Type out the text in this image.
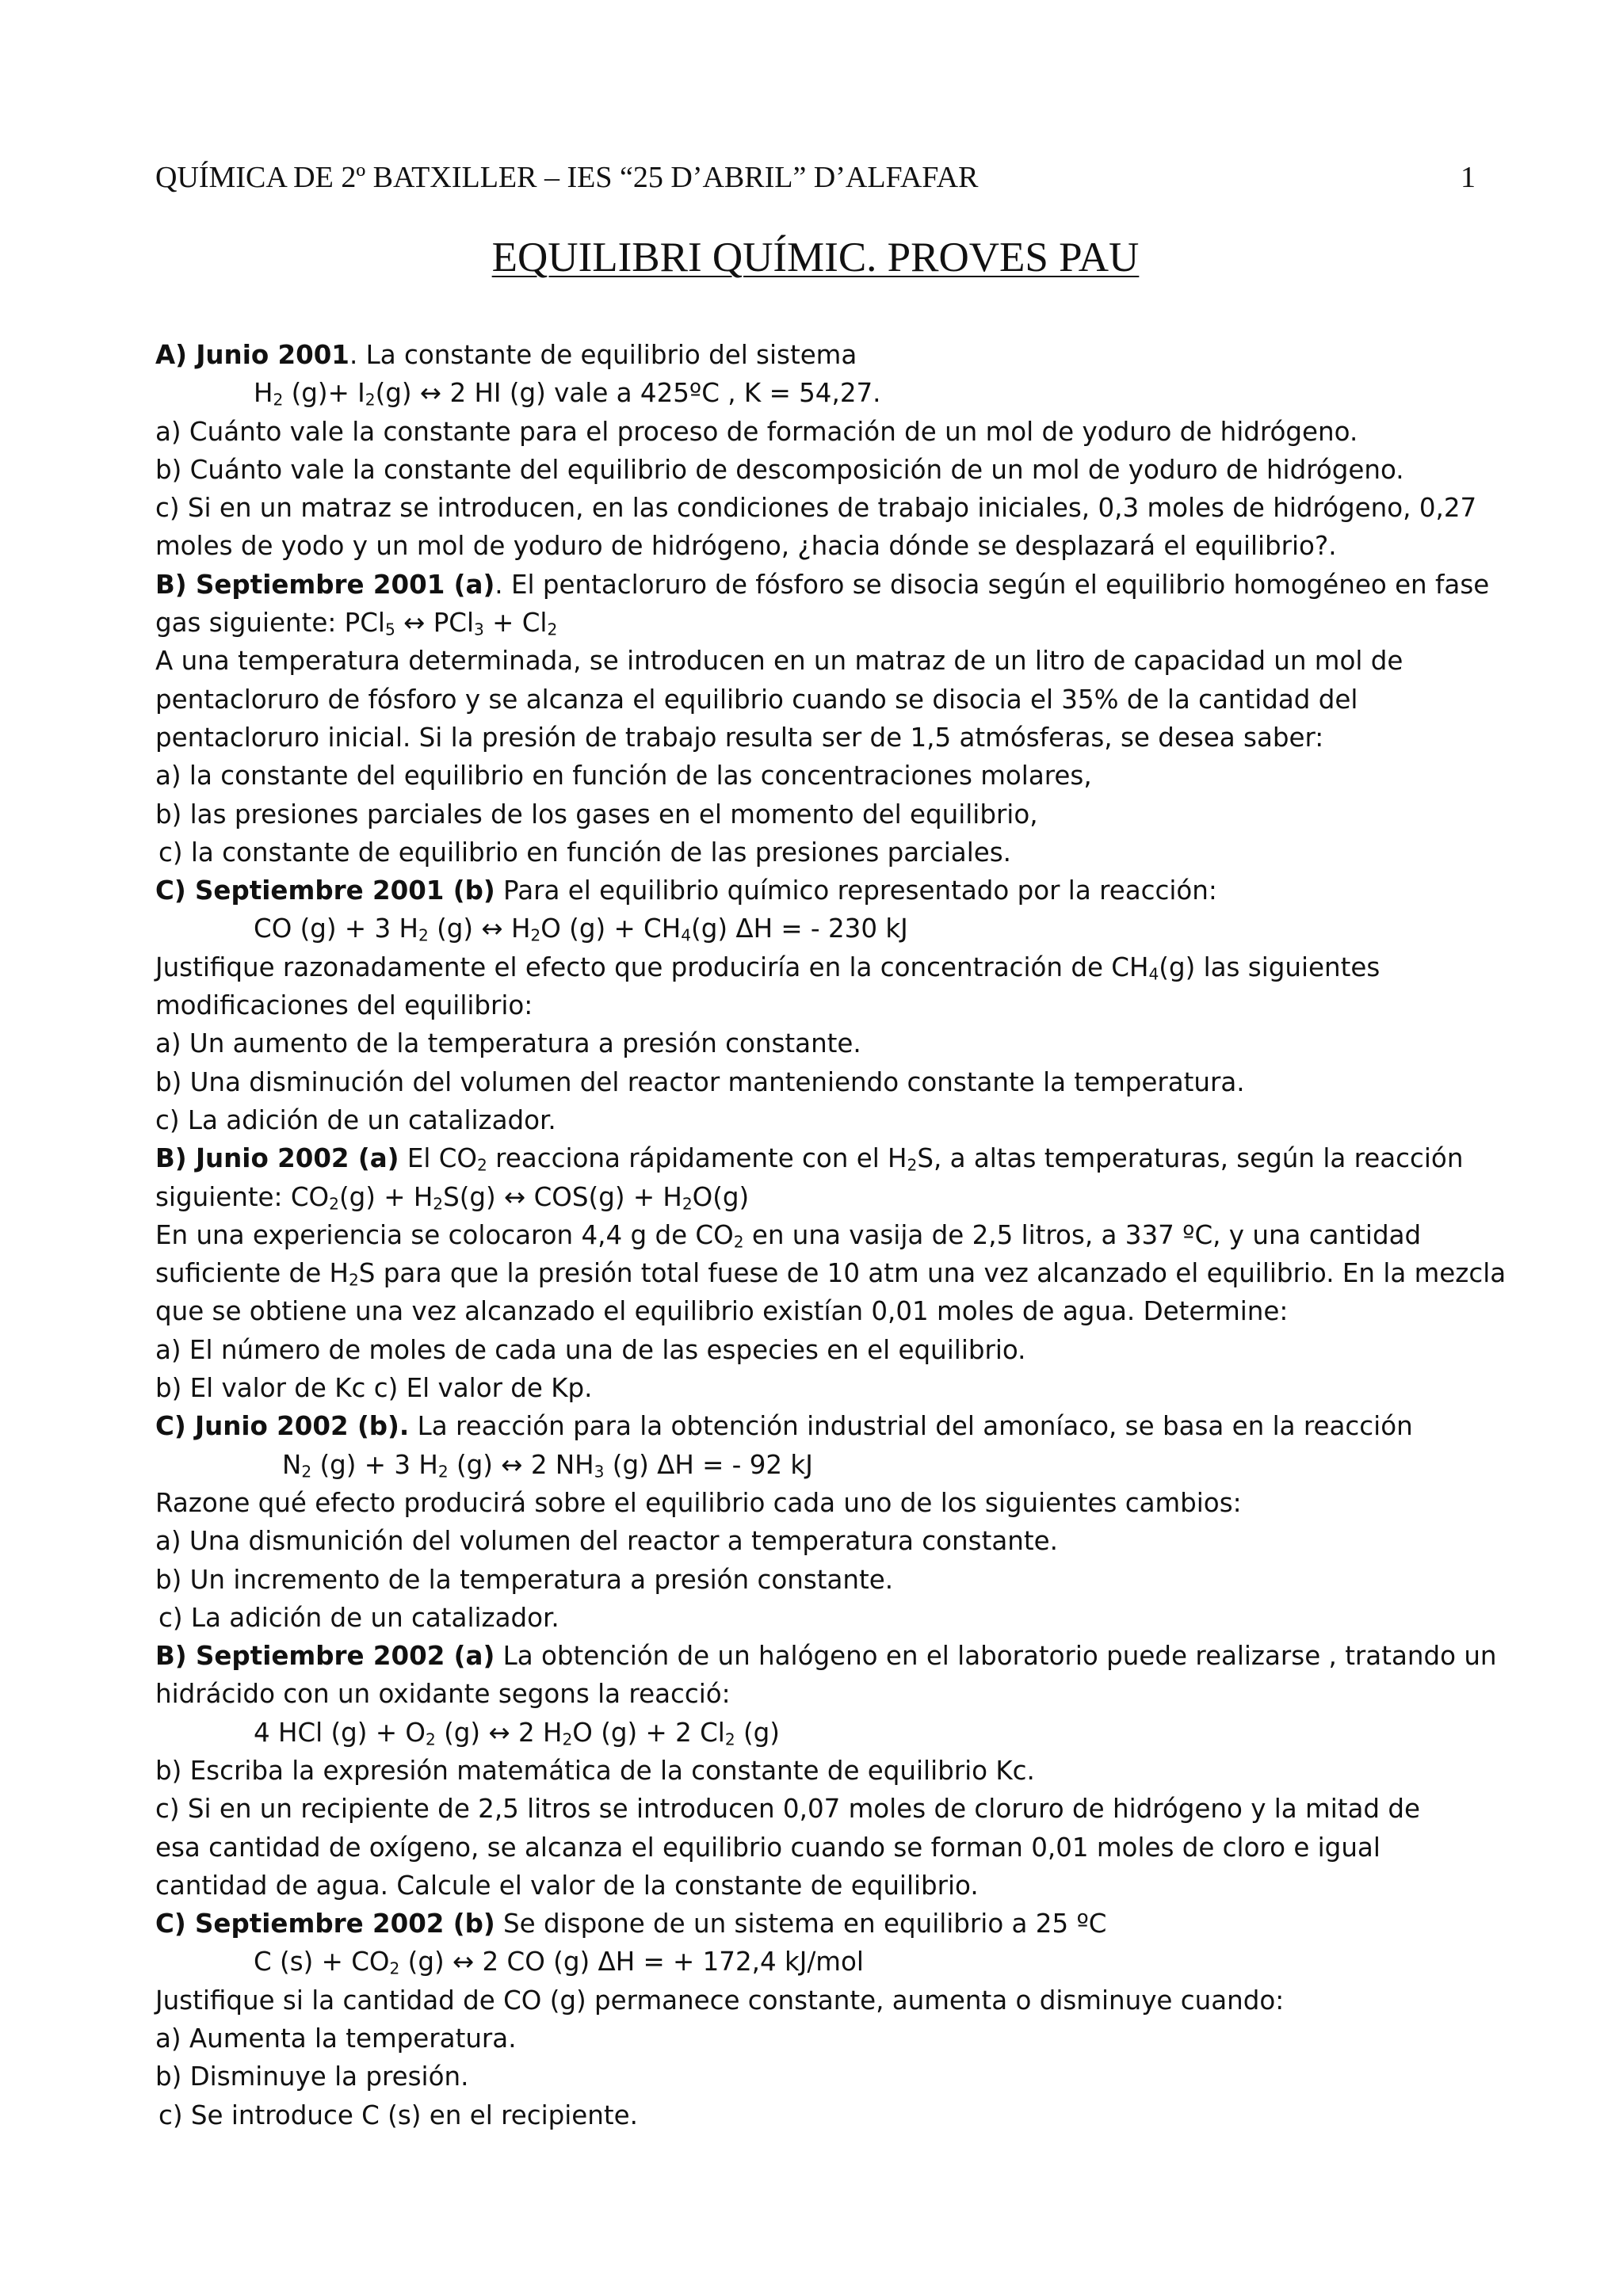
QUÍMICA DE 2º BATXILLER – IES “25 D’ABRIL” D’ALFAFAR	1
EQUILIBRI QUÍMIC. PROVES PAU

A) Junio 2001. La constante de equilibrio del sistema

$H_2$ $(g)+ I_2(g)$ ↔ 2 HI (g) vale a 425ºC , K = 54,27.

a) Cuánto vale la constante para el proceso de formación de un mol de yoduro de hidrógeno.

b) Cuánto vale la constante del equilibrio de descomposición de un mol de yoduro de hidrógeno.

c) Si en un matraz se introducen, en las condiciones de trabajo iniciales, 0,3 moles de hidrógeno, 0,27

moles de yodo y un mol de yoduro de hidrógeno, ¿hacia dónde se desplazará el equilibrio?.

B) Septiembre 2001 (a). El pentacloruro de fósforo se disocia según el equilibrio homogéneo en fase

gas siguiente: PCl$_5$ ↔ $PCl_3 + Cl_2$

A una temperatura determinada, se introducen en un matraz de un litro de capacidad un mol de

pentacloruro de fósforo y se alcanza el equilibrio cuando se disocia el 35% de la cantidad del

pentacloruro inicial. Si la presión de trabajo resulta ser de 1,5 atmósferas, se desea saber:

a) la constante del equilibrio en función de las concentraciones molares,

b) las presiones parciales de los gases en el momento del equilibrio,

c) la constante de equilibrio en función de las presiones parciales.

C) Septiembre 2001 (b) Para el equilibrio químico representado por la reacción:

CO (g) + 3 $H_2$ (g) ↔ $H_2O$ $(g) + CH_4(g) \Delta H$ = - 230 kJ

Justifique razonadamente el efecto que produciría en la concentración de $CH_4(g)$ las siguientes

modificaciones del equilibrio:

a) Un aumento de la temperatura a presión constante.

b) Una disminución del volumen del reactor manteniendo constante la temperatura.

c) La adición de un catalizador.

B) Junio 2002 (a) El $CO_2$ reacciona rápidamente con el $H_2S$, a altas temperaturas, según la reacción

siguiente: $CO_2(g) + H_2S(g)$ ↔ $COS(g) + H_2O(g)$

En una experiencia se colocaron 4,4 g de $CO_2$ en una vasija de 2,5 litros, a 337 ºC, y una cantidad

suficiente de $H_2S$ para que la presión total fuese de 10 atm una vez alcanzado el equilibrio. En la mezcla

que se obtiene una vez alcanzado el equilibrio existían 0,01 moles de agua. Determine:

a) El número de moles de cada una de las especies en el equilibrio.

b) El valor de Kc c) El valor de Kp.

C) Junio 2002 (b). La reacción para la obtención industrial del amoníaco, se basa en la reacción

$N_2$ (g) + 3 $H_2$ (g) ↔ 2 $NH_3$ (g) ΔH = - 92 kJ

Razone qué efecto producirá sobre el equilibrio cada uno de los siguientes cambios:

a) Una dismunición del volumen del reactor a temperatura constante.

b) Un incremento de la temperatura a presión constante.

c) La adición de un catalizador.

B) Septiembre 2002 (a) La obtención de un halógeno en el laboratorio puede realizarse , tratando un

hidrácido con un oxidante segons la reacció:

4 HCl $(g) + O_2$ (g) ↔ 2 $H_2O$ (g) + 2 $Cl_2$ (g)

b) Escriba la expresión matemática de la constante de equilibrio Kc.

c) Si en un recipiente de 2,5 litros se introducen 0,07 moles de cloruro de hidrógeno y la mitad de

esa cantidad de oxígeno, se alcanza el equilibrio cuando se forman 0,01 moles de cloro e igual

cantidad de agua. Calcule el valor de la constante de equilibrio.

C) Septiembre 2002 (b) Se dispone de un sistema en equilibrio a 25 ºC

C $(s) + CO_2$ (g) ↔ 2 CO (g) ΔH = + 172,4 kJ/mol

Justifique si la cantidad de CO (g) permanece constante, aumenta o disminuye cuando:

a) Aumenta la temperatura.

b) Disminuye la presión.

c) Se introduce C (s) en el recipiente.
